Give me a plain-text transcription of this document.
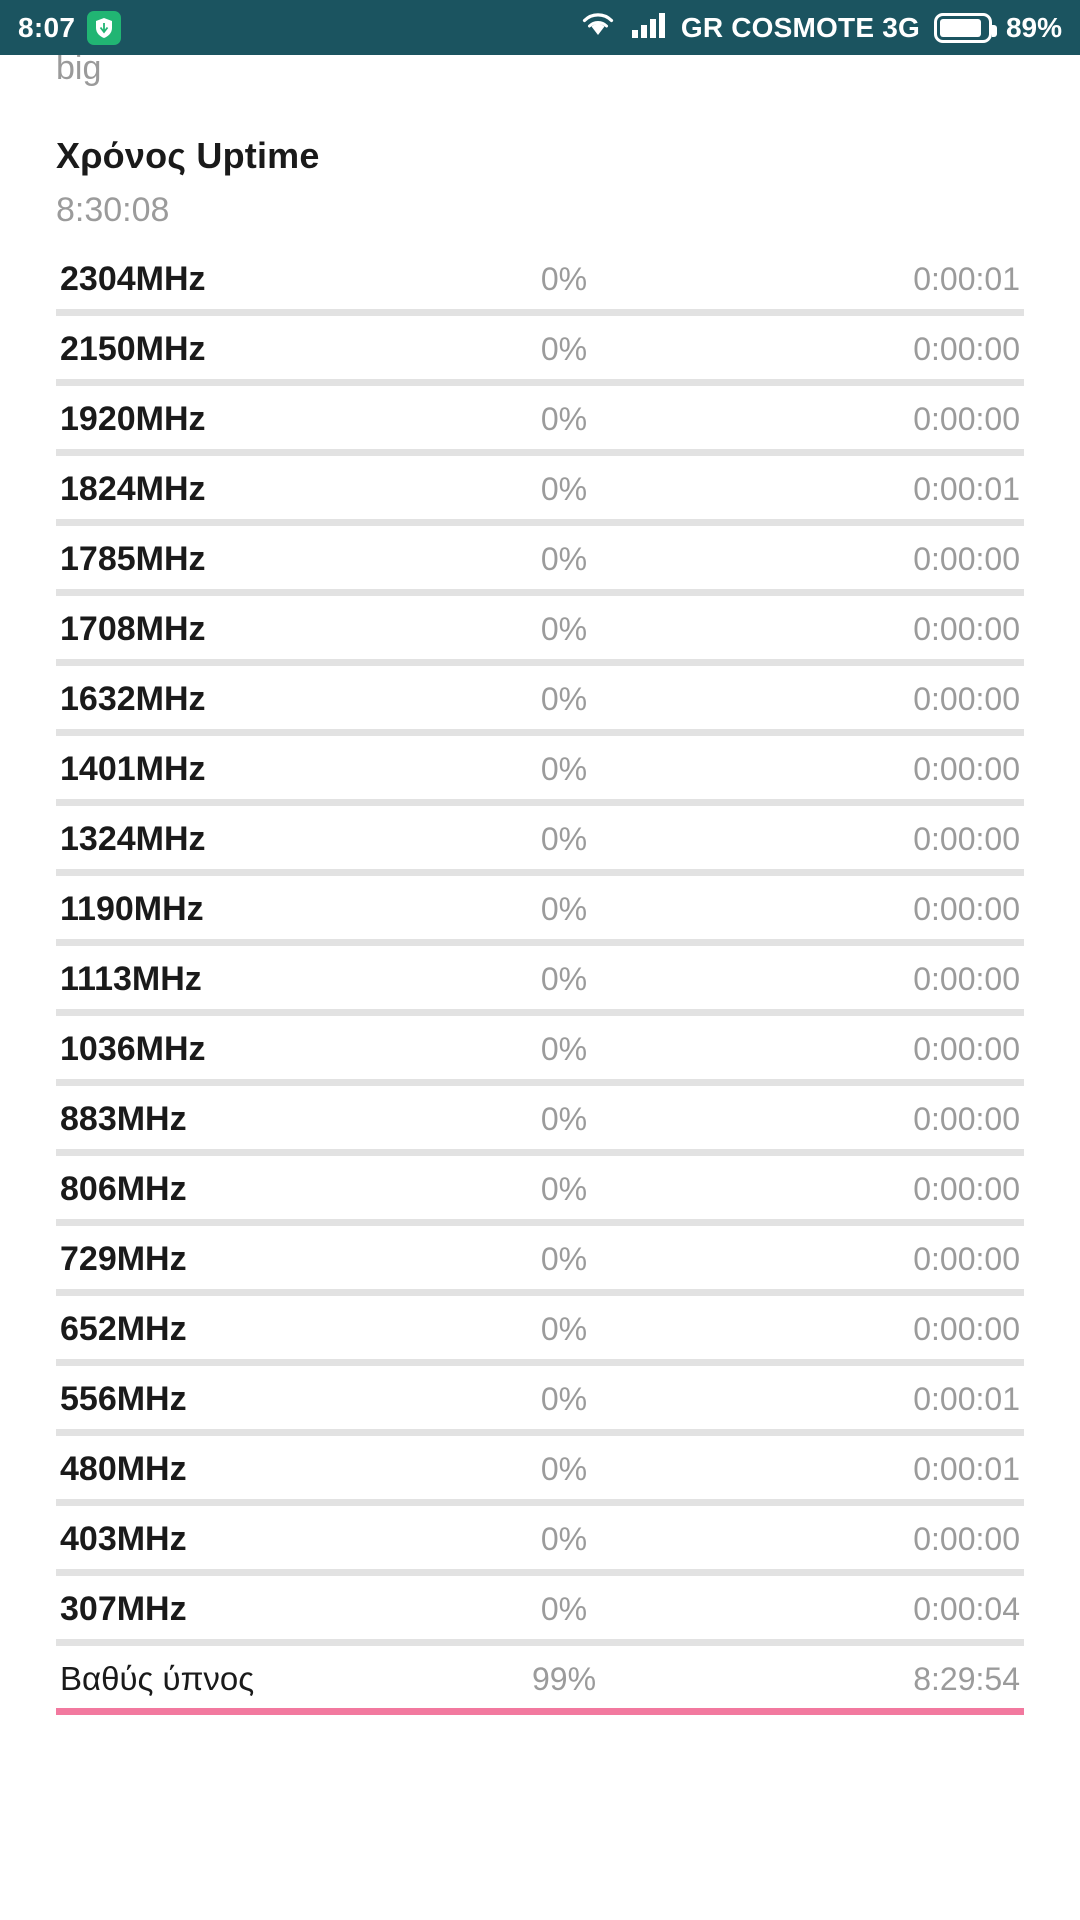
8:07	GR COSMOTE 3G	89%
big
Χρόνος Uptime
8:30:08
2304MHz	0%	0:00:01
2150MHz	0%	0:00:00
1920MHz	0%	0:00:00
1824MHz	0%	0:00:01
1785MHz	0%	0:00:00
1708MHz	0%	0:00:00
1632MHz	0%	0:00:00
1401MHz	0%	0:00:00
1324MHz	0%	0:00:00
1190MHz	0%	0:00:00
1113MHz	0%	0:00:00
1036MHz	0%	0:00:00
883MHz	0%	0:00:00
806MHz	0%	0:00:00
729MHz	0%	0:00:00
652MHz	0%	0:00:00
556MHz	0%	0:00:01
480MHz	0%	0:00:01
403MHz	0%	0:00:00
307MHz	0%	0:00:04
Βαθύς ύπνος	99%	8:29:54
